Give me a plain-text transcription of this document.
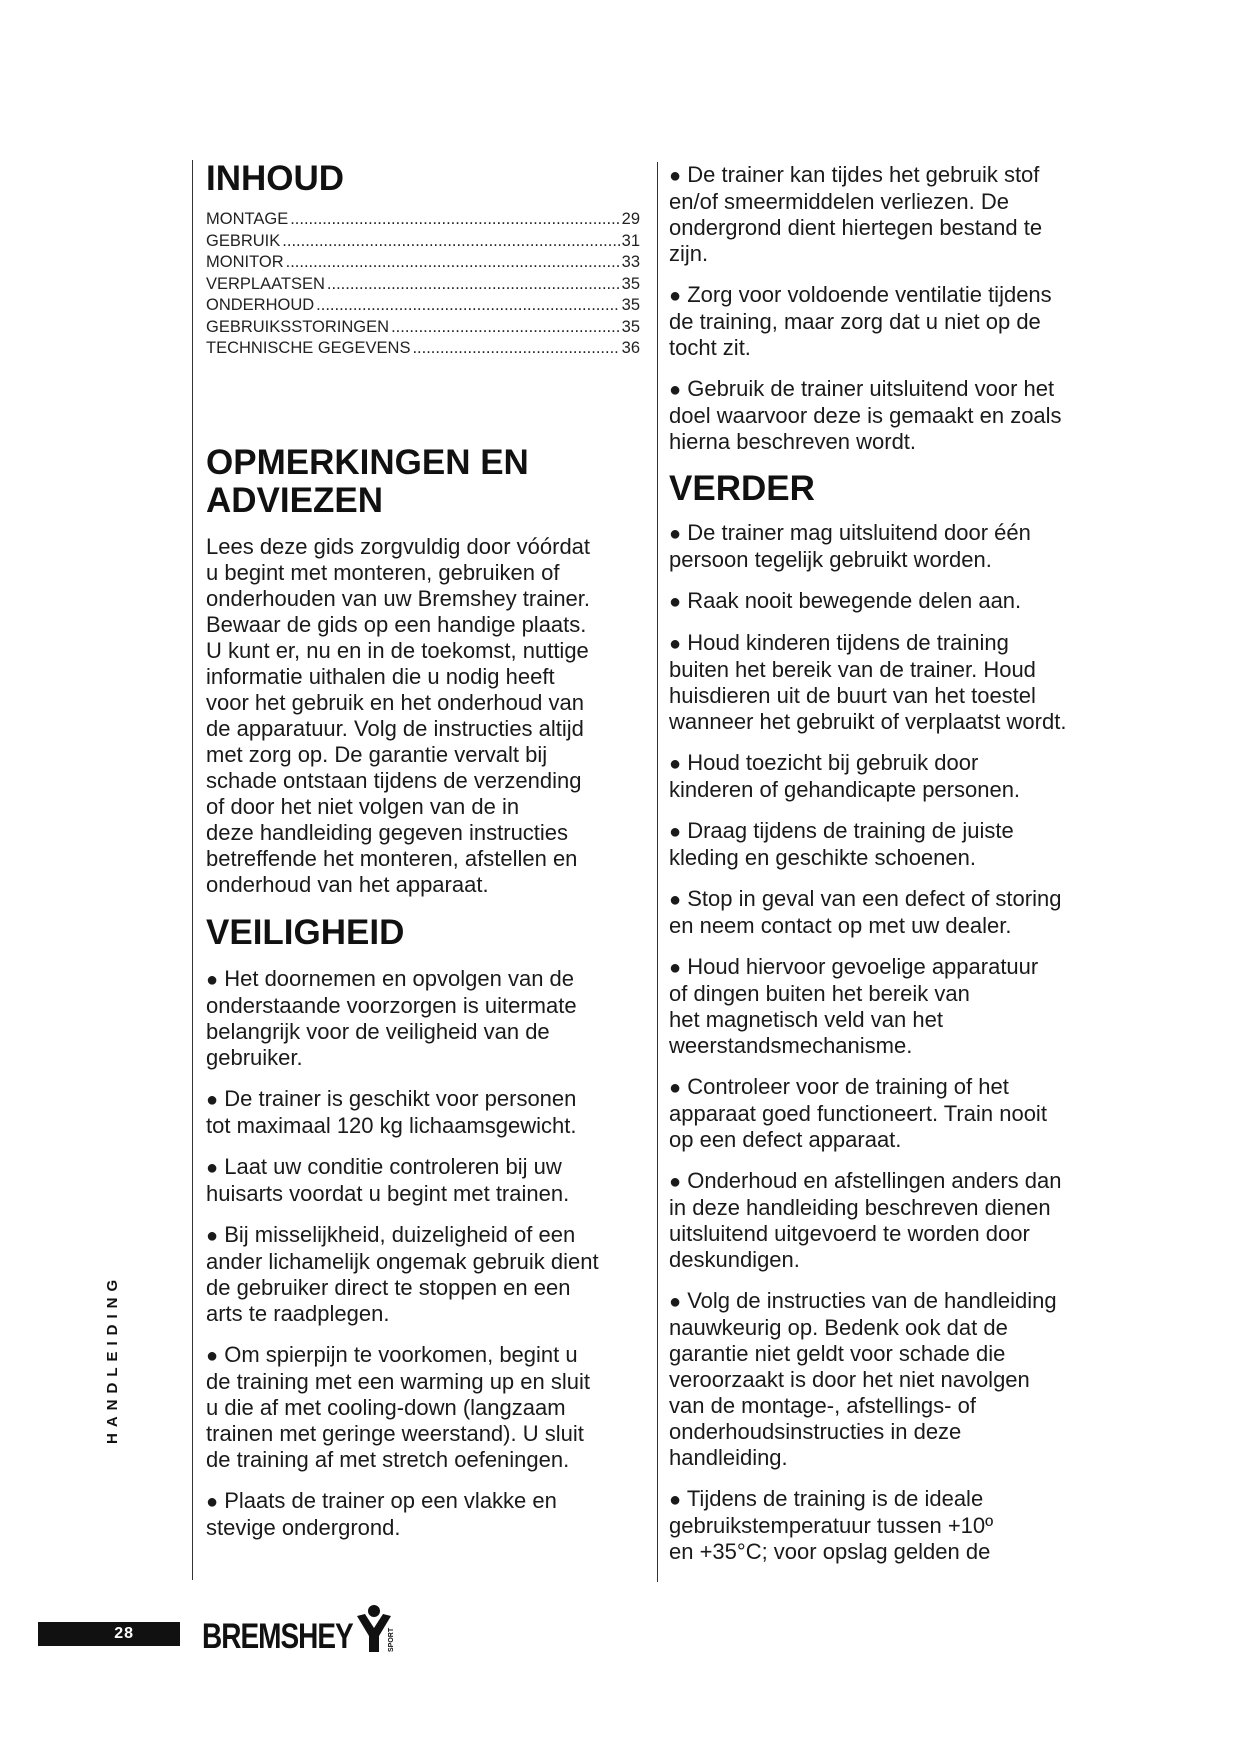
INHOUD
MONTAGE .....	29
GEBRUIK .....	31
MONITOR .....	33
VERPLAATSEN .....	35
ONDERHOUD .....	35
GEBRUIKSSTORINGEN .....	35
TECHNISCHE GEGEVENS .....	36
OPMERKINGEN EN
ADVIEZEN

Lees deze gids zorgvuldig door vóórdat
u begint met monteren, gebruiken of
onderhouden van uw Bremshey trainer.
Bewaar de gids op een handige plaats.
U kunt er, nu en in de toekomst, nuttige
informatie uithalen die u nodig heeft
voor het gebruik en het onderhoud van
de apparatuur. Volg de instructies altijd
met zorg op. De garantie vervalt bij
schade ontstaan tijdens de verzending
of door het niet volgen van de in
deze handleiding gegeven instructies
betreffende het monteren, afstellen en
onderhoud van het apparaat.

VEILIGHEID

● Het doornemen en opvolgen van de
onderstaande voorzorgen is uitermate
belangrijk voor de veiligheid van de
gebruiker.

● De trainer is geschikt voor personen
tot maximaal 120 kg lichaamsgewicht.

● Laat uw conditie controleren bij uw
huisarts voordat u begint met trainen.

● Bij misselijkheid, duizeligheid of een
ander lichamelijk ongemak gebruik dient
de gebruiker direct te stoppen en een
arts te raadplegen.

● Om spierpijn te voorkomen, begint u
de training met een warming up en sluit
u die af met cooling-down (langzaam
trainen met geringe weerstand). U sluit
de training af met stretch oefeningen.

● Plaats de trainer op een vlakke en
stevige ondergrond.

● De trainer kan tijdes het gebruik stof
en/of smeermiddelen verliezen. De
ondergrond dient hiertegen bestand te
zijn.

● Zorg voor voldoende ventilatie tijdens
de training, maar zorg dat u niet op de
tocht zit.

● Gebruik de trainer uitsluitend voor het
doel waarvoor deze is gemaakt en zoals
hierna beschreven wordt.

VERDER

● De trainer mag uitsluitend door één
persoon tegelijk gebruikt worden.

● Raak nooit bewegende delen aan.

● Houd kinderen tijdens de training
buiten het bereik van de trainer. Houd
huisdieren uit de buurt van het toestel
wanneer het gebruikt of verplaatst wordt.

● Houd toezicht bij gebruik door
kinderen of gehandicapte personen.

● Draag tijdens de training de juiste
kleding en geschikte schoenen.

● Stop in geval van een defect of storing
en neem contact op met uw dealer.

● Houd hiervoor gevoelige apparatuur
of dingen buiten het bereik van
het magnetisch veld van het
weerstandsmechanisme.

● Controleer voor de training of het
apparaat goed functioneert. Train nooit
op een defect apparaat.

● Onderhoud en afstellingen anders dan
in deze handleiding beschreven dienen
uitsluitend uitgevoerd te worden door
deskundigen.

● Volg de instructies van de handleiding
nauwkeurig op. Bedenk ook dat de
garantie niet geldt voor schade die
veroorzaakt is door het niet navolgen
van de montage-, afstellings- of
onderhoudsinstructies in deze
handleiding.

● Tijdens de training is de ideale
gebruikstemperatuur tussen +10º
en +35°C; voor opslag gelden de

HANDLEIDING
28	BREMSHEY	SPORT
